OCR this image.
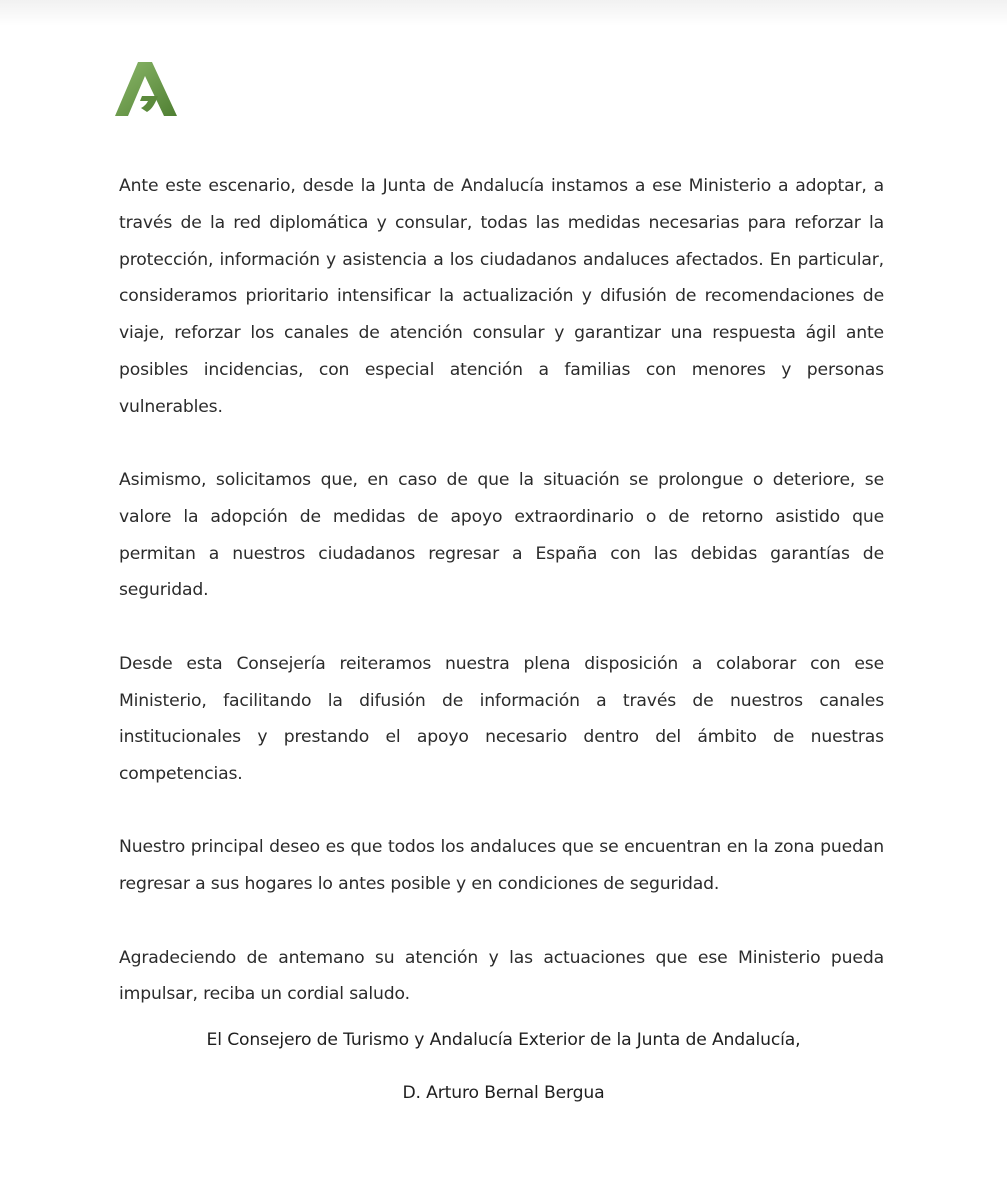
Ante este escenario, desde la Junta de Andalucía instamos a ese Ministerio a adoptar, a través de la red diplomática y consular, todas las medidas necesarias para reforzar la protección, información y asistencia a los ciudadanos andaluces afectados. En particular, consideramos prioritario intensificar la actualización y difusión de recomendaciones de viaje, reforzar los canales de atención consular y garantizar una respuesta ágil ante posibles incidencias, con especial atención a familias con menores y personas vulnerables.

Asimismo, solicitamos que, en caso de que la situación se prolongue o deteriore, se valore la adopción de medidas de apoyo extraordinario o de retorno asistido que permitan a nuestros ciudadanos regresar a España con las debidas garantías de seguridad.

Desde esta Consejería reiteramos nuestra plena disposición a colaborar con ese Ministerio, facilitando la difusión de información a través de nuestros canales institucionales y prestando el apoyo necesario dentro del ámbito de nuestras competencias.

Nuestro principal deseo es que todos los andaluces que se encuentran en la zona puedan regresar a sus hogares lo antes posible y en condiciones de seguridad.

Agradeciendo de antemano su atención y las actuaciones que ese Ministerio pueda impulsar, reciba un cordial saludo.

El Consejero de Turismo y Andalucía Exterior de la Junta de Andalucía,
D. Arturo Bernal Bergua
